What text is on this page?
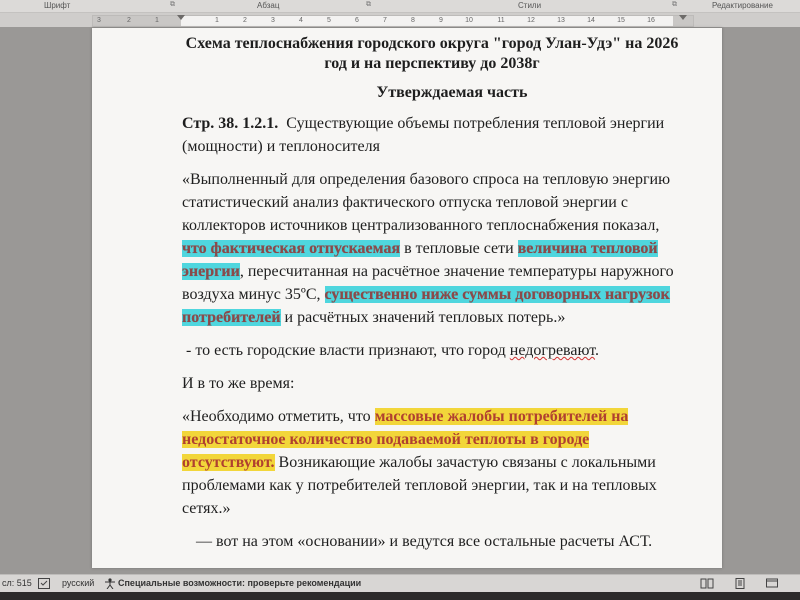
Шрифт	⧉	Абзац	⧉	Стили	⧉	Редактирование
3	2	1	1	2	3	4	5	6	7	8	9	10	11	12	13	14	15	16
Схема теплоснабжения городского округа "город Улан-Удэ" на 2026 год и на перспективу до 2038г
Утверждаемая часть
Стр. 38. 1.2.1. Существующие объемы потребления тепловой энергии (мощности) и теплоносителя
«Выполненный для определения базового спроса на тепловую энергию статистический анализ фактического отпуска тепловой энергии с коллекторов источников централизованного теплоснабжения показал, что фактическая отпускаемая в тепловые сети величина тепловой энергии, пересчитанная на расчётное значение температуры наружного воздуха минус 35ºС, существенно ниже суммы договорных нагрузок потребителей и расчётных значений тепловых потерь.»
- то есть городские власти признают, что город недогревают.
И в то же время:
«Необходимо отметить, что массовые жалобы потребителей на недостаточное количество подаваемой теплоты в городе отсутствуют. Возникающие жалобы зачастую связаны с локальными проблемами как у потребителей тепловой энергии, так и на тепловых сетях.»
— вот на этом «основании» и ведутся все остальные расчеты АСТ.
сл: 515	русский	Специальные возможности: проверьте рекомендации
